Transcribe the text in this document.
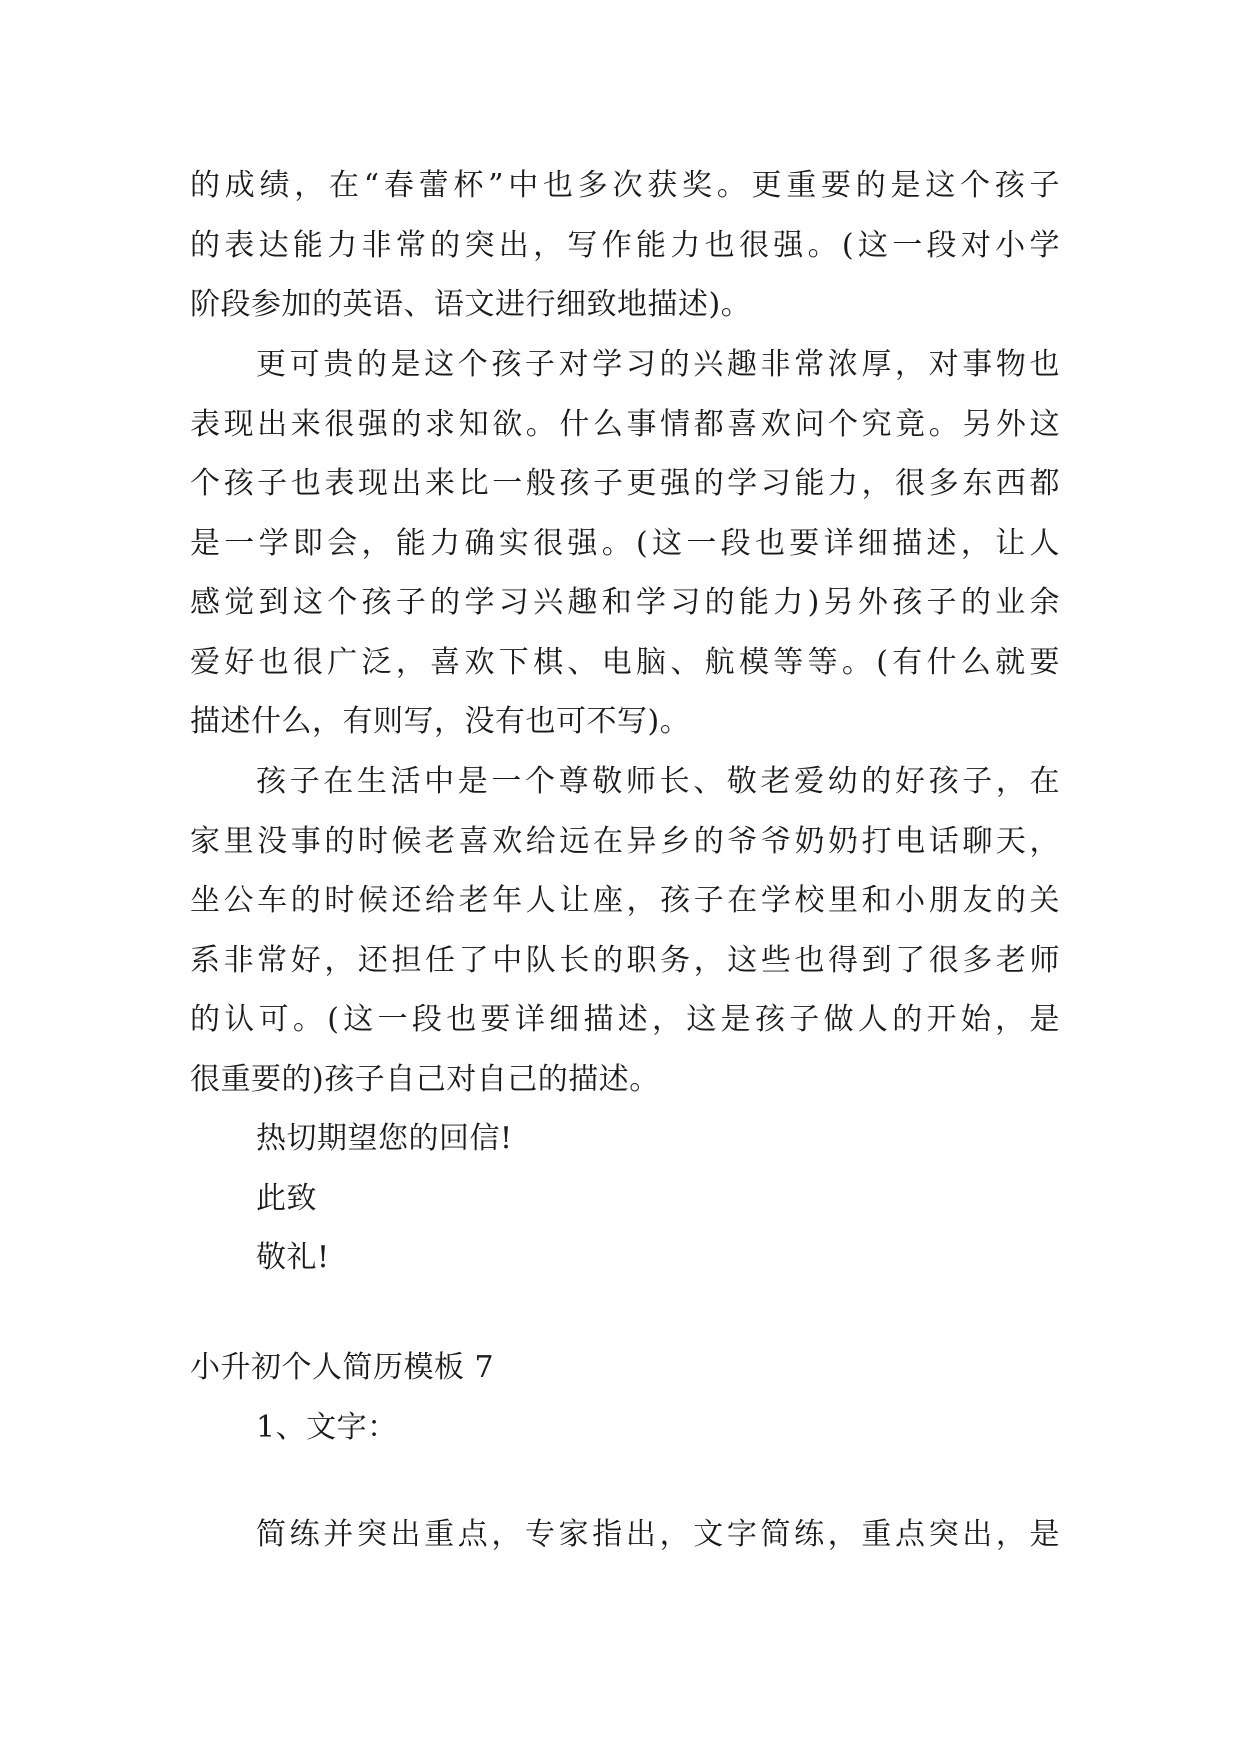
的成绩，在“春蕾杯”中也多次获奖。更重要的是这个孩子
的表达能力非常的突出，写作能力也很强。(这一段对小学
阶段参加的英语、语文进行细致地描述)。
更可贵的是这个孩子对学习的兴趣非常浓厚，对事物也
表现出来很强的求知欲。什么事情都喜欢问个究竟。另外这
个孩子也表现出来比一般孩子更强的学习能力，很多东西都
是一学即会，能力确实很强。(这一段也要详细描述，让人
感觉到这个孩子的学习兴趣和学习的能力)另外孩子的业余
爱好也很广泛，喜欢下棋、电脑、航模等等。(有什么就要
描述什么，有则写，没有也可不写)。
孩子在生活中是一个尊敬师长、敬老爱幼的好孩子，在
家里没事的时候老喜欢给远在异乡的爷爷奶奶打电话聊天，
坐公车的时候还给老年人让座，孩子在学校里和小朋友的关
系非常好，还担任了中队长的职务，这些也得到了很多老师
的认可。(这一段也要详细描述，这是孩子做人的开始，是
很重要的)孩子自己对自己的描述。
热切期望您的回信!
此致
敬礼!
小升初个人简历模板 7
1、文字：
简练并突出重点，专家指出，文字简练，重点突出，是
